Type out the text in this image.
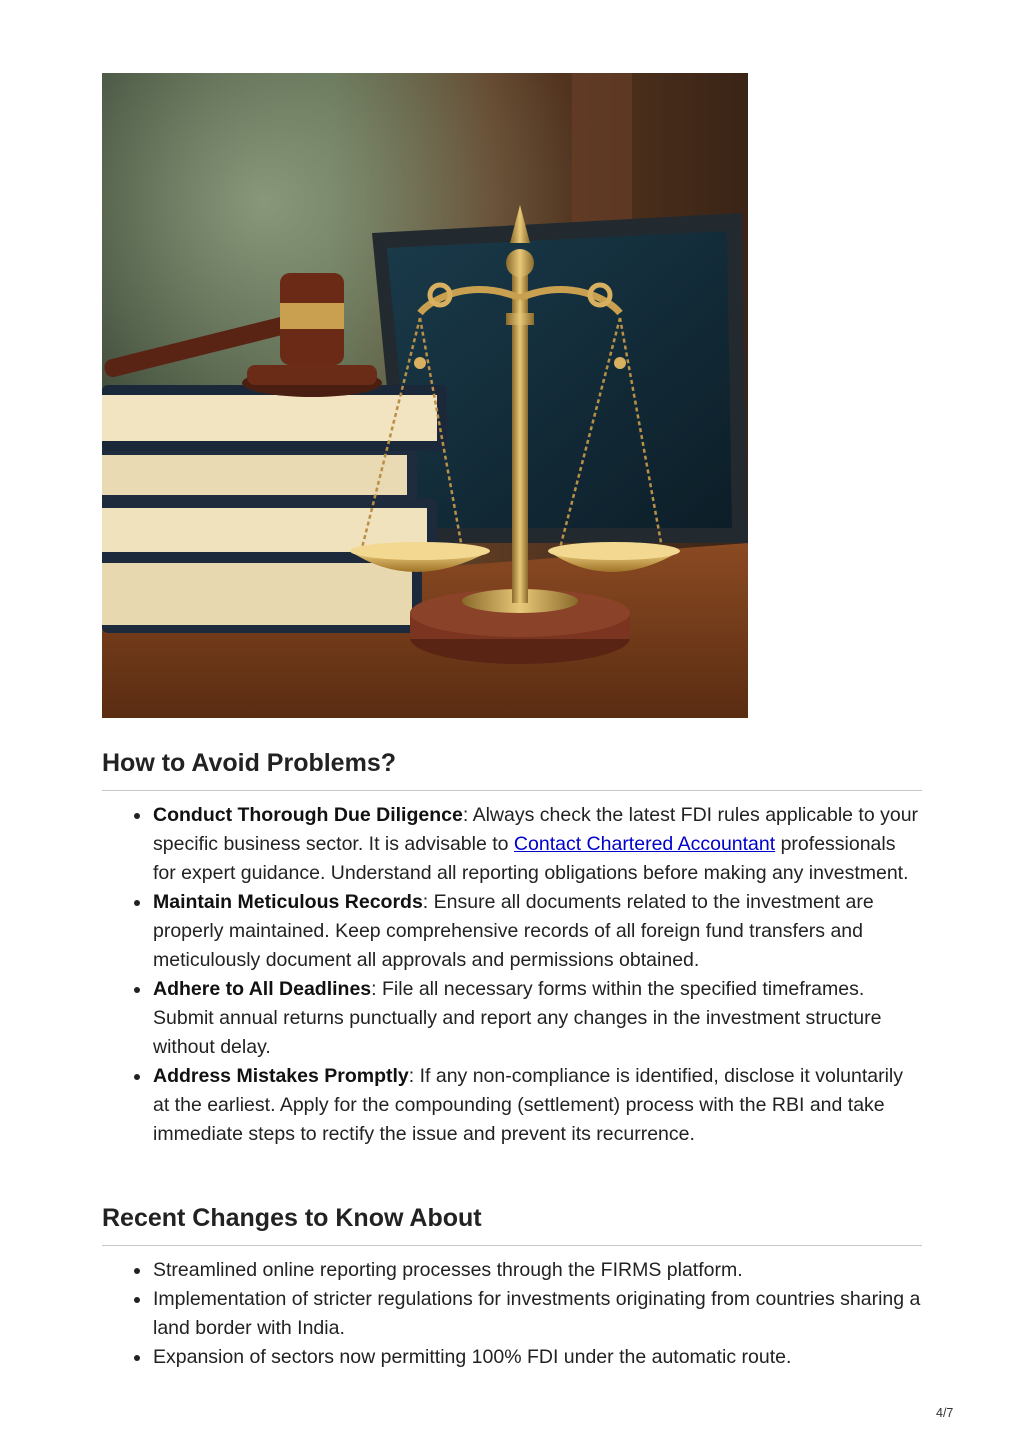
How to Avoid Problems?
Conduct Thorough Due Diligence: Always check the latest FDI rules applicable to your specific business sector. It is advisable to Contact Chartered Accountant professionals for expert guidance. Understand all reporting obligations before making any investment.
Maintain Meticulous Records: Ensure all documents related to the investment are properly maintained. Keep comprehensive records of all foreign fund transfers and meticulously document all approvals and permissions obtained.
Adhere to All Deadlines: File all necessary forms within the specified timeframes. Submit annual returns punctually and report any changes in the investment structure without delay.
Address Mistakes Promptly: If any non-compliance is identified, disclose it voluntarily at the earliest. Apply for the compounding (settlement) process with the RBI and take immediate steps to rectify the issue and prevent its recurrence.
Recent Changes to Know About
Streamlined online reporting processes through the FIRMS platform.
Implementation of stricter regulations for investments originating from countries sharing a land border with India.
Expansion of sectors now permitting 100% FDI under the automatic route.
4/7
